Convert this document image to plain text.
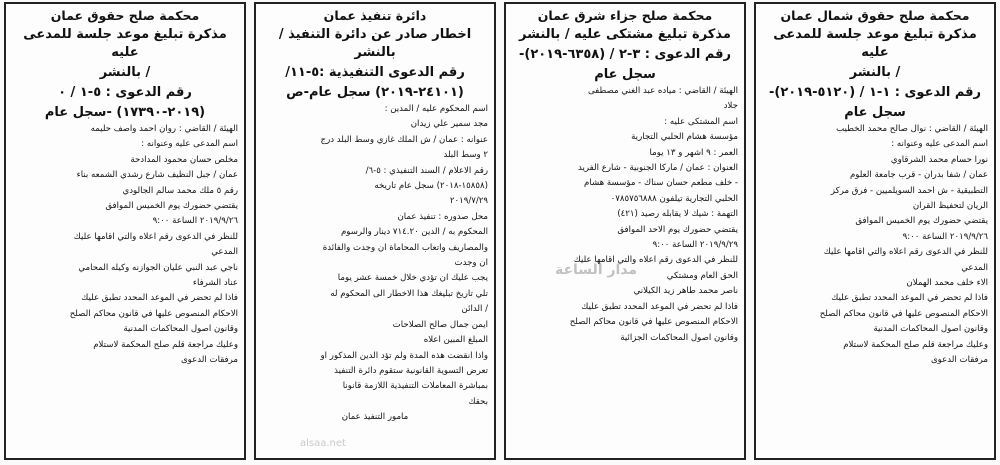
محكمة صلح حقوق عمان

مذكرة تبليغ موعد جلسة للمدعى عليه

/ بالنشر

رقم الدعوى : ٥-١ / ٠

(٢٠١٩-١٧٣٩٠) -سجل عام

الهيئة / القاضي : روان احمد واصف حليمه

اسم المدعى عليه وعنوانه :

مخلص حسان محمود المدادحة

عمان / جبل النظيف شارع رشدي الشمعه بناء

رقم ٥ ملك محمد سالم الجالودي

يقتضي حضورك يوم الخميس الموافق

٢٠١٩/٩/٢٦ الساعة ٩:٠٠

للنظر في الدعوى رقم اعلاه والتي اقامها عليك

المدعي

ناجي عبد النبي عليان الجوازنه وكيله المحامي

عناد الشرفاء

فاذا لم تحضر في الموعد المحدد تطبق عليك

الاحكام المنصوص عليها في قانون محاكم الصلح

وقانون اصول المحاكمات المدنية

وعليك مراجعة قلم صلح المحكمة لاستلام

مرفقات الدعوى

دائرة تنفيذ عمان

اخطار صادر عن دائرة التنفيذ / بالنشر

رقم الدعوى التنفيذية :٥-١١/

(٢٤١٠١-٢٠١٩) سجل عام-ص

اسم المحكوم عليه / المدين :

مجد سمير علي زيدان

عنوانه : عمان / ش الملك غازي وسط البلد درج

٢ وسط البلد

رقم الاعلام / السند التنفيذي : ٥-٦/

(١٥٨٥٨-٢٠١٨) سجل عام تاريخه

٢٠١٩/٧/٢٩

محل صدوره : تنفيذ عمان

المحكوم به / الدين ٧١٤.٢٠ دينار والرسوم

والمصاريف واتعاب المحاماة ان وجدت والفائدة

ان وجدت

يجب عليك ان تؤدي خلال خمسة عشر يوما

تلي تاريخ تبليغك هذا الاخطار الى المحكوم له

/ الدائن

ايمن جمال صالح الصلاحات

المبلغ المبين اعلاه

واذا انقضت هذه المدة ولم تؤد الدين المذكور او

تعرض التسوية القانونية ستقوم دائرة التنفيذ

بمباشرة المعاملات التنفيذية اللازمة قانونا

بحقك

مامور التنفيذ عمان

محكمة صلح جزاء شرق عمان

مذكرة تبليغ مشتكى عليه / بالنشر

رقم الدعوى : ٣-٢ / (٦٣٥٨-٢٠١٩)-

سجل عام

الهيئة / القاضي : مياده عبد الغني مصطفى

جلاد

اسم المشتكى عليه :

مؤسسة هشام الحلبي التجارية

العمر : ٩ اشهر و ١٣ يوما

العنوان : عمان / ماركا الجنوبية - شارع الفريد

- خلف مطعم حسان سناك - مؤسسة هشام

الحلبي التجارية تيلفون ٠٧٨٥٧٥٦٨٨٨

التهمة : شيك لا يقابله رصيد (٤٢١)

يقتضي حضورك يوم الاحد الموافق

٢٠١٩/٩/٢٩ الساعة ٩:٠٠

للنظر في الدعوى رقم اعلاه والتي اقامها عليك

الحق العام ومشتكي

ناصر محمد طاهر زيد الكيلاني

فاذا لم تحضر في الموعد المحدد تطبق عليك

الاحكام المنصوص عليها في قانون محاكم الصلح

وقانون اصول المحاكمات الجزائية

محكمة صلح حقوق شمال عمان

مذكرة تبليغ موعد جلسة للمدعى عليه

/ بالنشر

رقم الدعوى : ١-١ / (٥١٢٠-٢٠١٩)-

سجل عام

الهيئة / القاضي : نوال صالح محمد الخطيب

اسم المدعى عليه وعنوانه :

نورا حسام محمد الشرقاوي

عمان / شفا بدران - قرب جامعة العلوم

التطبيقية - ش احمد السويلميين - فرق مركز

الريان لتحفيظ القران

يقتضي حضورك يوم الخميس الموافق

٢٠١٩/٩/٢٦ الساعة ٩:٠٠

للنظر في الدعوى رقم اعلاه والتي اقامها عليك

المدعي

الاء خلف محمد الهملان

فاذا لم تحضر في الموعد المحدد تطبق عليك

الاحكام المنصوص عليها في قانون محاكم الصلح

وقانون اصول المحاكمات المدنية

وعليك مراجعة قلم صلح المحكمة لاستلام

مرفقات الدعوى

مدار الساعة
alsaa.net
